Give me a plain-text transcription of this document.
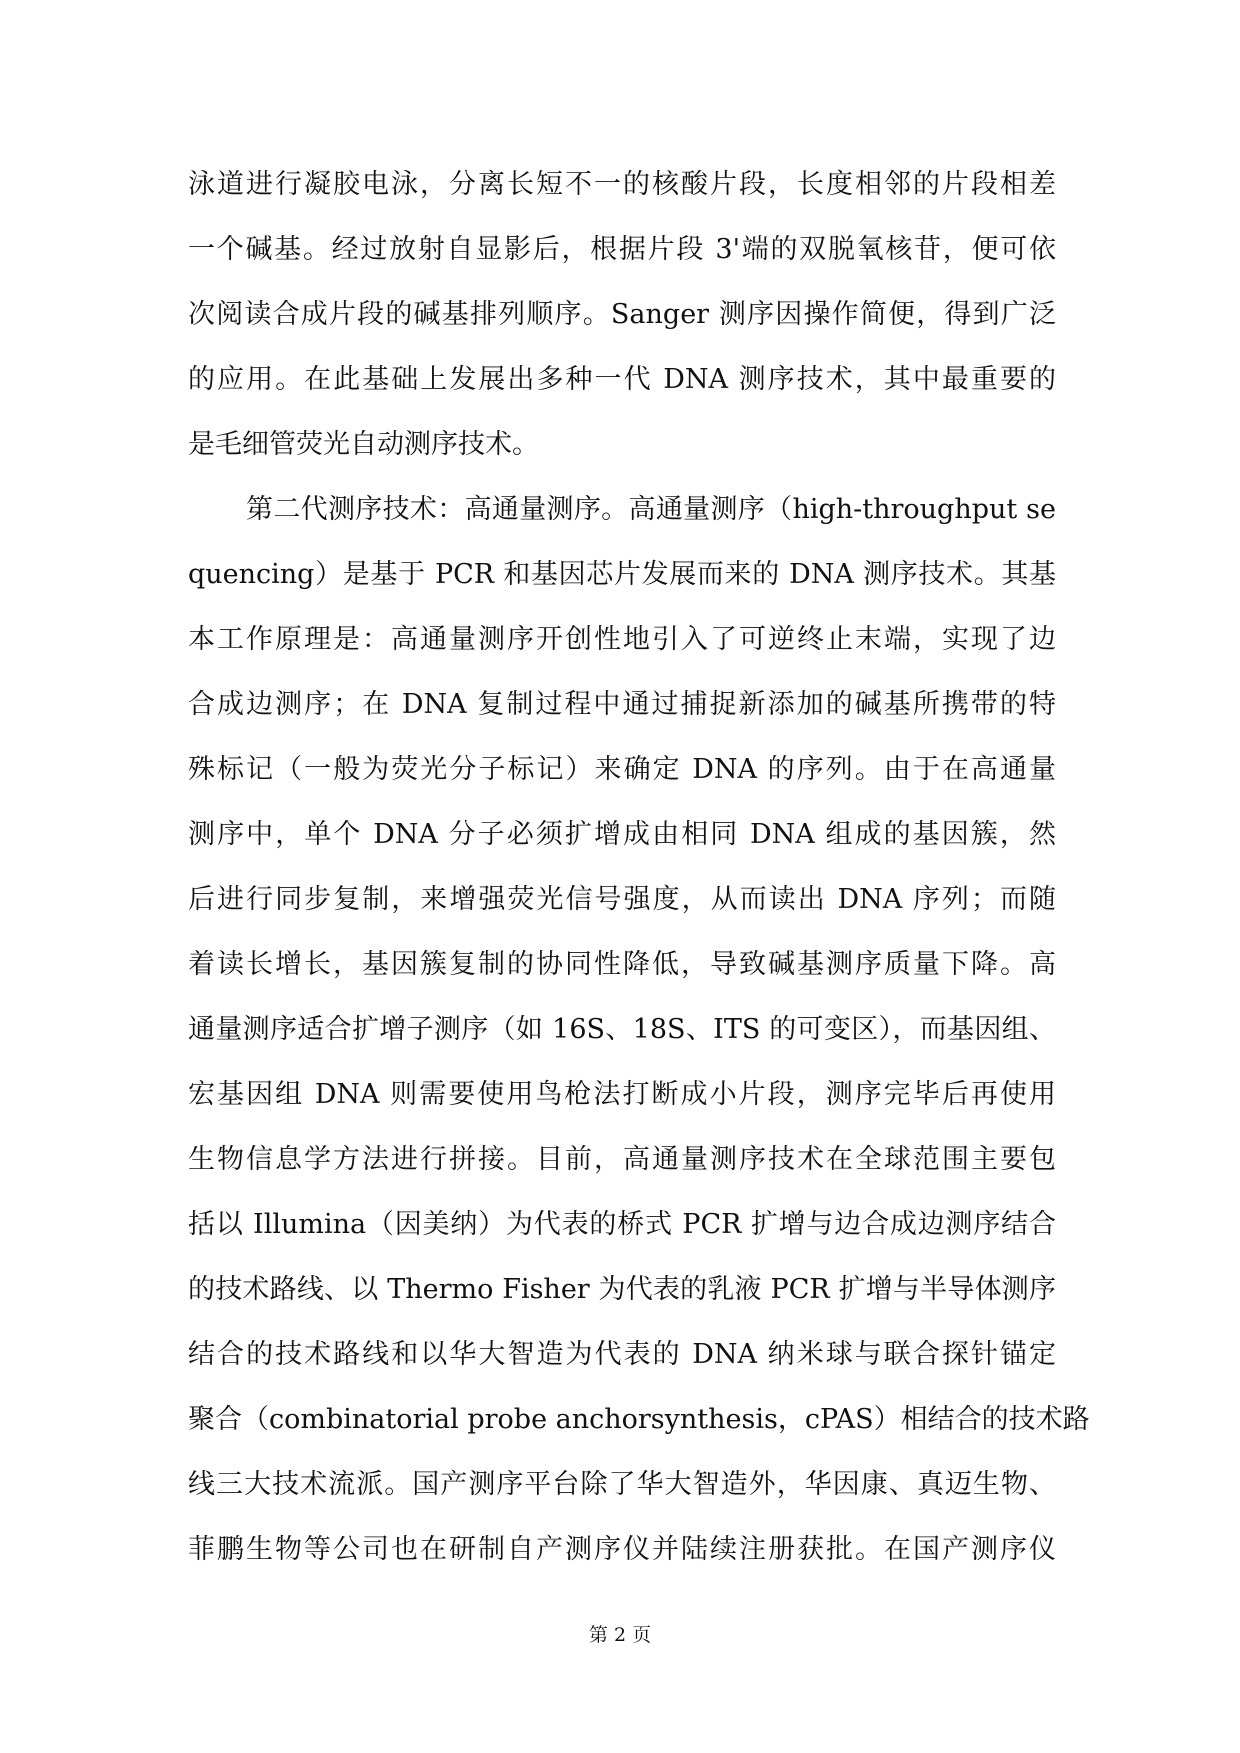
泳道进行凝胶电泳，分离长短不一的核酸片段，长度相邻的片段相差
一个碱基。经过放射自显影后，根据片段 3'端的双脱氧核苷，便可依
次阅读合成片段的碱基排列顺序。Sanger 测序因操作简便，得到广泛
的应用。在此基础上发展出多种一代 DNA 测序技术，其中最重要的
是毛细管荧光自动测序技术。
第二代测序技术：高通量测序。高通量测序（high-throughput se
quencing）是基于 PCR 和基因芯片发展而来的 DNA 测序技术。其基
本工作原理是：高通量测序开创性地引入了可逆终止末端，实现了边
合成边测序；在 DNA 复制过程中通过捕捉新添加的碱基所携带的特
殊标记（一般为荧光分子标记）来确定 DNA 的序列。由于在高通量
测序中，单个 DNA 分子必须扩增成由相同 DNA 组成的基因簇，然
后进行同步复制，来增强荧光信号强度，从而读出 DNA 序列；而随
着读长增长，基因簇复制的协同性降低，导致碱基测序质量下降。高
通量测序适合扩增子测序（如 16S、18S、ITS 的可变区），而基因组、
宏基因组 DNA 则需要使用鸟枪法打断成小片段，测序完毕后再使用
生物信息学方法进行拼接。目前，高通量测序技术在全球范围主要包
括以 Illumina（因美纳）为代表的桥式 PCR 扩增与边合成边测序结合
的技术路线、以 Thermo Fisher 为代表的乳液 PCR 扩增与半导体测序
结合的技术路线和以华大智造为代表的 DNA 纳米球与联合探针锚定
聚合（combinatorial probe anchorsynthesis，cPAS）相结合的技术路
线三大技术流派。国产测序平台除了华大智造外，华因康、真迈生物、
菲鹏生物等公司也在研制自产测序仪并陆续注册获批。在国产测序仪
第 2 页
